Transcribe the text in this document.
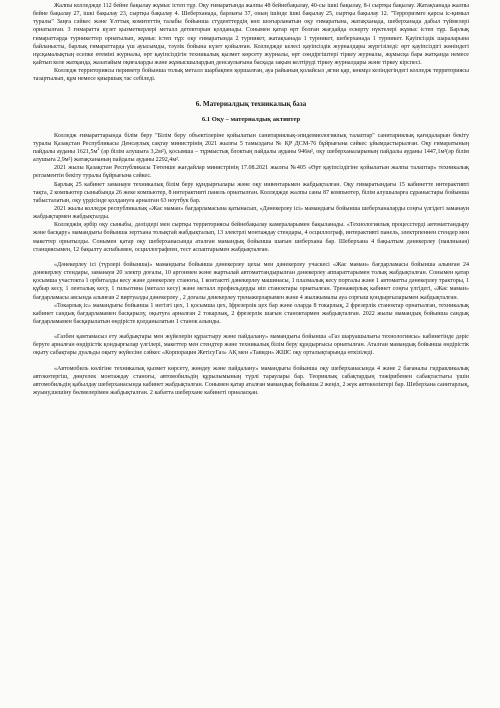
Жалпы колледжде 112 бейне бақылау жұмыс істеп тұр. Оқу ғимаратында жалпы 48 бейнебақылау, 40-сы ішкі бақылау, 8-і сыртқы бақылау. Жатақханада жалпы бейне бақылау 27, ішкі бақылау 23, сыртқы бақылау 4. Шеберханада, барлығы 37, оның ішінде ішкі бақылау 25, сыртқы бақылау 12. "Терроризмге қарсы іс-қимыл туралы" Заңға сәйкес және Ұлттық комитеттің талабы бойынша студенттердің көп шоғырланатын оқу ғимаратына, жатақханада, шеберханада дабыл түймелері орнатылған. 3 ғимаратта күзет қызметкерлері металл детекторын қолданады. Сонымен қатар өрт болған жағдайда ескерту нүктелері жұмыс істеп тұр. Барлық ғимараттарда турникеттер орнатылып, жұмыс істеп тұр: оқу ғимаратында 2 турникет, жатақханада 1 турникет, шеберханада 1 турникет. Қауіпсіздік шараларына байланысты, барлық ғимараттарда үш ауысымды, тәулік бойына күзет қойылған. Колледжде келесі қауіпсіздік журналдары жүргізіледі: өрт қауіпсіздігі жөніндегі нұсқамалықтың есепке өтеміні журналы, өрт қауіпсіздігін техникалық қызмет көрсету журналы, өрт сөндіргіштері тіркеу журналы, жұмысқа бара жатқанда немесе қайтып келе жатқанда, жазатайым оқиғаларды және жұмысшылардың денсаулығына басқада зақым келтіруді тіркеу журналдары және тіркеу кірспесі.

Колледж территориясы периметр бойынша толық металл шарбақпен қоршалған, ауа райының қолайсыз ,ягни қар, көкмұз кезіндегіндегі колледж территориясы тазартылып, құм немесе қиыршық тас себіледі.

6. Материалдық техникалық база
6.1 Оқу – материалдық активтер

Колледж ғимараттарында білім беру "Білім беру объектілеріне қойылатын санитариялық-эпидемиологиялық талаптар" санитариялық қағидаларын бекіту туралы Қазақстан Республикасы Денсаулық сақтау министрінің 2021 жылғы 5 тамыздағы № ҚР ДСМ-76 бұйрығына сәйкес ұйымдастырылған. Оқу ғимаратының пайдалы ауданы $1621,5м^2$ (әр білім алушыға 3,2м²), қосымша – тұрмыстық блоктың пайдалы ауданы 946м², оқу шеберханаларының пайдалы ауданы 1447,1м²(әр білім алушыға 2,9м²) жатақхананың пайдалы ауданы 2292,4м².

2021 жылы Қазақстан Республикасы Төтенше жағдайлар министрінің 17.08.2021 жылғы №405 «Өрт қауіпсіздігіне қойылатын жалпы талаптар» техникалық регламентін бекіту туралы бұйрығына сәйкес.

Барлық 25 кабинет заманауи техникалық білім беру құндырғылары және оқу инвентарьмен жабдықталған. Оқу ғимаратындағы 15 кабинетте интерактивті тақта, 2 компьютер сыныбында 26 жеке компьютер, 8 интерактивті панель орнатылған. Колледжде жалпы саны 87 компьютер, білім алушыларға сұраныстары бойынша табысталатын, оқу үрдісінде қолдануға арналған 63 ноутбук бар.

2021 жылы колледж республикалық «Жас маман» бағдарламасына қатынасып, «Дәнекерлеу ісі» мамандығы бойынша шеберханаларды соңғы үлгідегі заманауи жабдықтармен жабдықталды.

Колледжің әрбір оқу сыныбы, дәліздері мен сыртқы территориясы бейнебақылау камераларымен бақыланады. «Технологиялық процесстерді автоматтандыру және басқару» мамандығы бойынша зертхана толықтай жабдықталып, 13 электрлі монтаждау стендары, 4 осциллограф, интерактивті панель, электрпеннен стендер мен макеттер орнатылды. Сонымен қатар оқу шеберханасында аталған мамандық бойынша шағын шеберхана бар. Шеберхана 4 бақылтым дәнекерлеу (паялньная) станциясымен, 12 бақылту аспабымен, осциллографпен, тест аспаптарымен жабдықталған.

«Дәнекерлеу ісі (түрлері бойынша)» мамандығы бойынша дәнекерлеу цехы мен дәнекерлеу учаскесі «Жас маман» бағдарламасы бойынша алынған 24 дәнекерлеу стендары, заманауи 20 электр доғалы, 10 аргонмен және жартылай автоматтандырылған дәнекерлеу аппараттарымен толық жабдықталған. Сонымен қатар қосымша участокта 1 орбиталды кесу және дәнекерлеу станоғы, 1 контактті дәнекерлеу машинасы, 1 плазмалық кесу порталы және 1 автоматты дәнекерлеу тракторы, 1 құбыр кесу, 1 ленталық кесу, 1 гильотина (металл кесу) және металл профильдерды иіп станоктары орнатылған. Тренажерлық кабинет соңғы үлгідегі, «Жас маман» бағдарламасы аясында алынған 2 виртуалды дәнекерлеу , 2 доғалы дәнекерлеу тренажерларымен және 4 жылжымалы ауа сорғыш қондырғыларымен жабдықталған.

«Токарлық іс» мамандығы бойынша 1 негізгі цех, 1 қосымша цех, Іфрезерлік цех бар және оларда 8 токарлық, 2 фрезерлік станоктар орнатылған, техникалық кабинет сандық бағдарламамен басқарылу, оқытуға арналған 2 токарлық, 2 фрезерлік шағын станоктармен жабдықталған. 2022 жылы мамандық бойынша сандық бағдарламамен басқарылатын өндірісте қолданылатын 1 станок алынды.

«Газбен қамтамасыз ету жабдықтары мен жүйелерін құрастыру және пайдалану» мамандығы бойынша «Газ шаруашылығы технологиясы» кабинетінде дәріс беруге арналған өндірістік қондырғылар үлгілері, макеттер мен стендтер және техникалық білім беру құндырғысы орнатылған. Аталған мамандық бойынша өндірістік оқыту сабақтары дуальды оқыту жүйесіне сәйкес «Корпорация ЖетісуГаз» АҚ мен «Тавидн» ЖШС оқу орталықтарында өткізіледі.

«Автомобиль көлігіне техникалық қызмет көрсету, жөндеу және пайдалану» мамандығы бойынша оқу шеберханасында 4 және 2 бағаналы гидравликалық автокөтергіш, дөңгелек монтаждау станоғы, автомобильдің құрылымының түрлі тараулары бар. Теориялық сабақтардың тәжірибемен сабақтастығы үшін автомобильдің қабылдау шеберханасында кабинет жабдықталған. Сонымен қатар аталған мамандық бойынша 2 жеңіл, 2 жүк автокөліктері бар. Шеберхана санитарлық, жуыну,шешіну бөлмелерімен жабдықталған. 2 кабатта шеберхане кабинеті орналасқан.
